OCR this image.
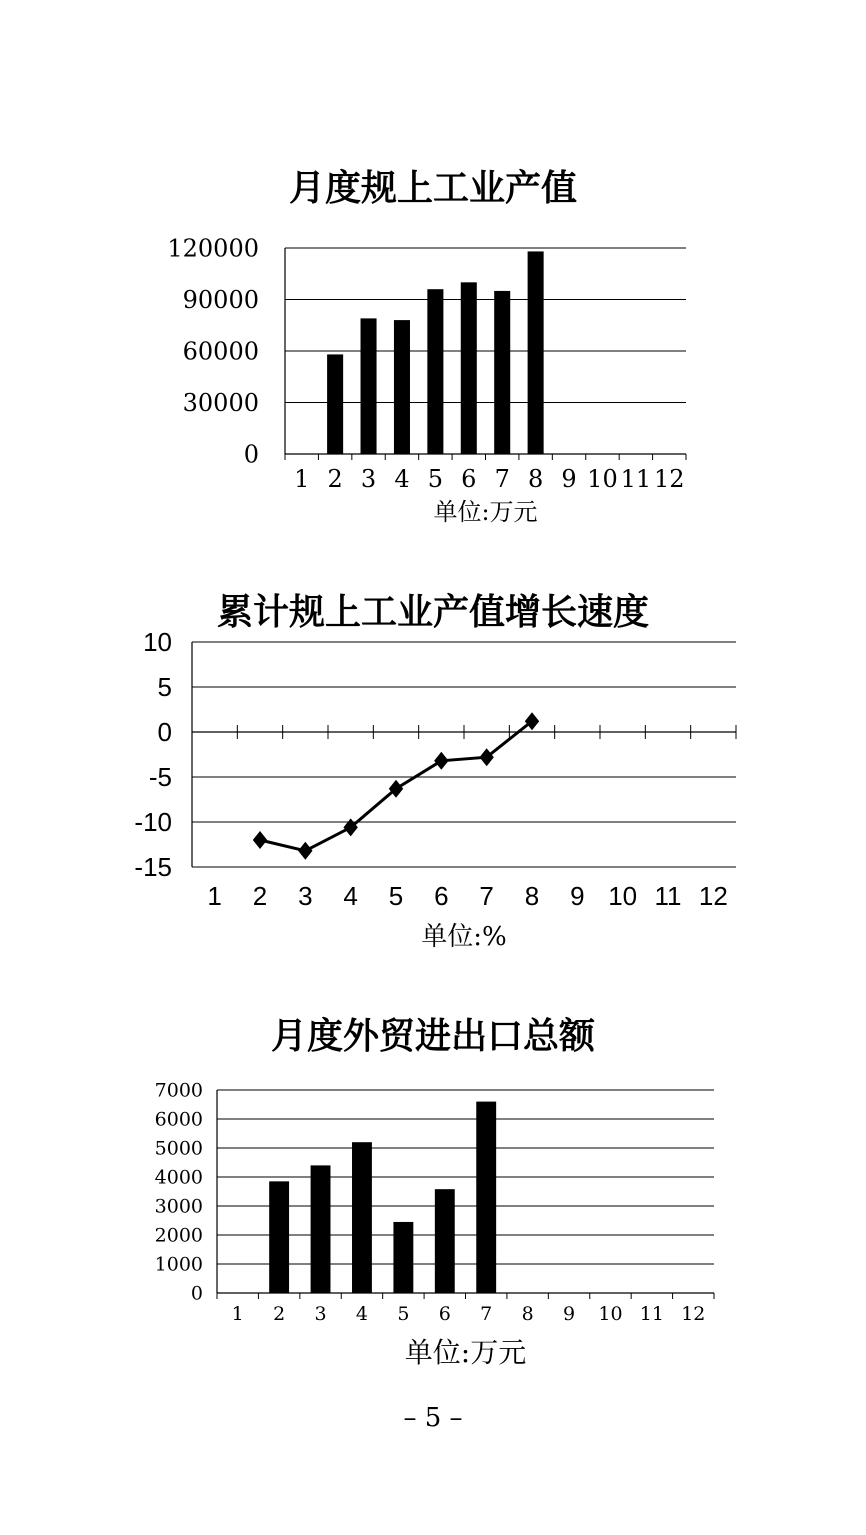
月度规上工业产值
0
30000
60000
90000
120000
1 2 3 4 5 6 7 8 9 10 11 12
单位:万元
累计规上工业产值增长速度
10
5
0
-5
-10
-15
1 2 3 4 5 6 7 8 9 10 11 12
单位:%
月度外贸进出口总额
0
1000
2000
3000
4000
5000
6000
7000
1 2 3 4 5 6 7 8 9 10 11 12
单位:万元
– 5 –
